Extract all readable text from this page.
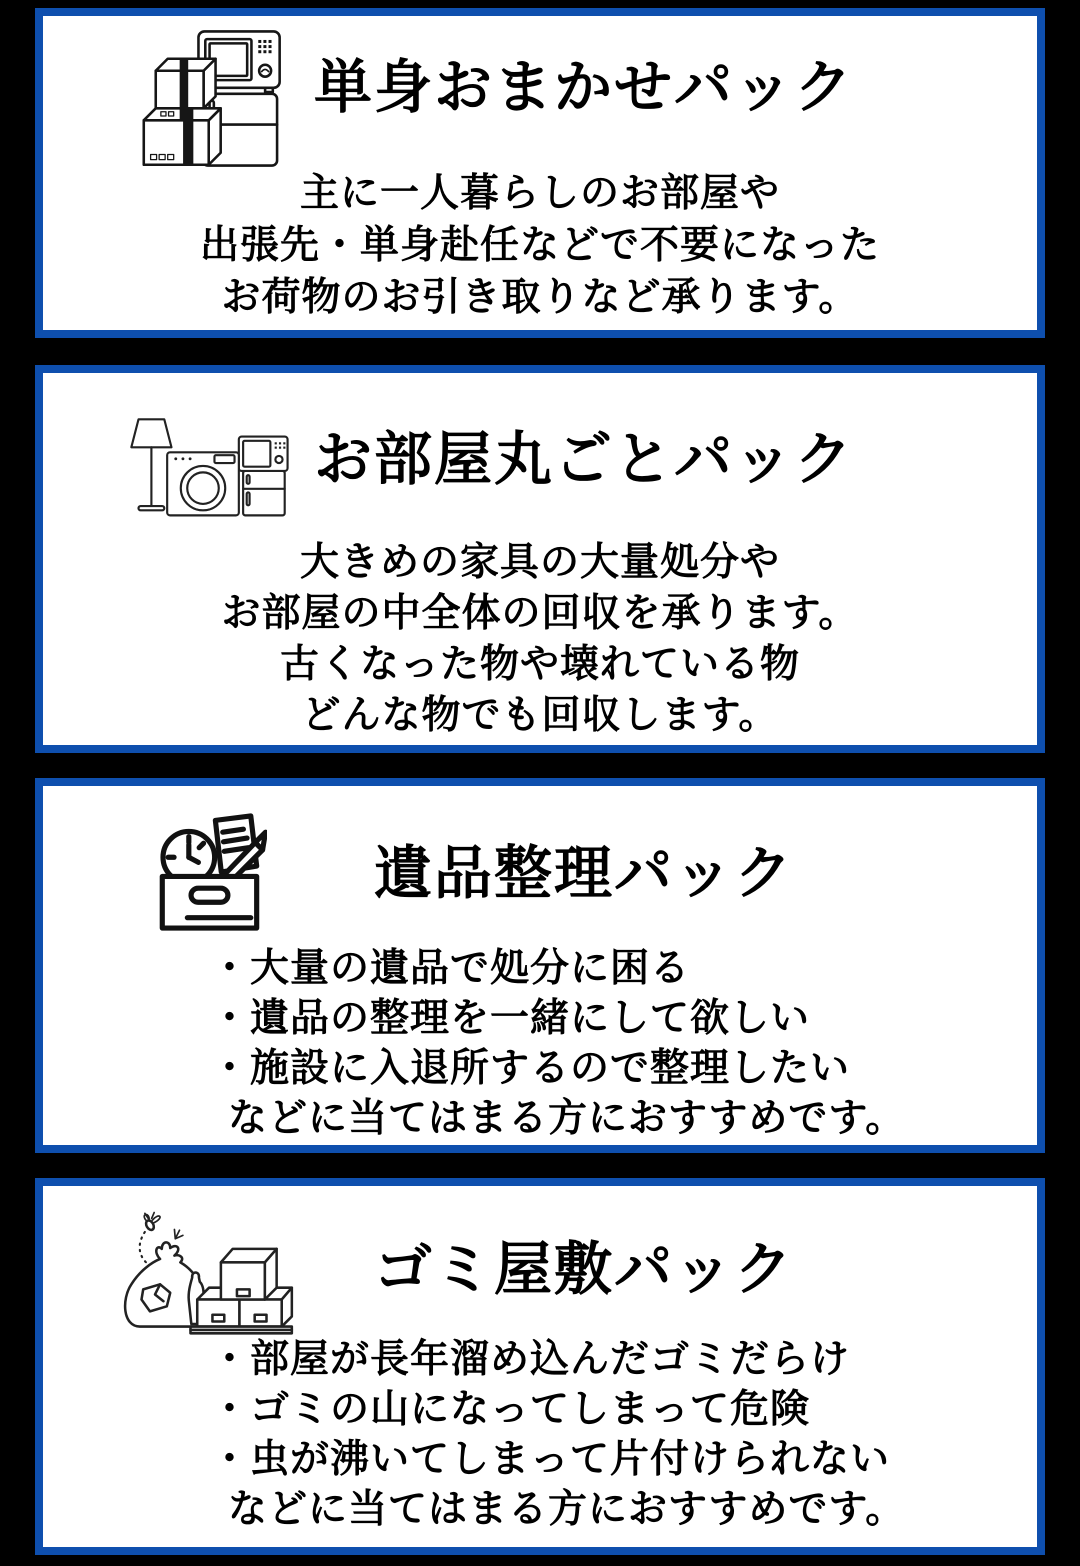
単身おまかせパック
主に一人暮らしのお部屋や
出張先・単身赴任などで不要になった
お荷物のお引き取りなど承ります。
お部屋丸ごとパック
大きめの家具の大量処分や
お部屋の中全体の回収を承ります。
古くなった物や壊れている物
どんな物でも回収します。
遺品整理パック
・ 大量の遺品で処分に困る
・ 遺品の整理を一緒にして欲しい
・ 施設に入退所するので整理したい
などに当てはまる方におすすめです。
ゴミ屋敷パック
・ 部屋が長年溜め込んだゴミだらけ
・ ゴミの山になってしまって危険
・ 虫が沸いてしまって片付けられない
などに当てはまる方におすすめです。
